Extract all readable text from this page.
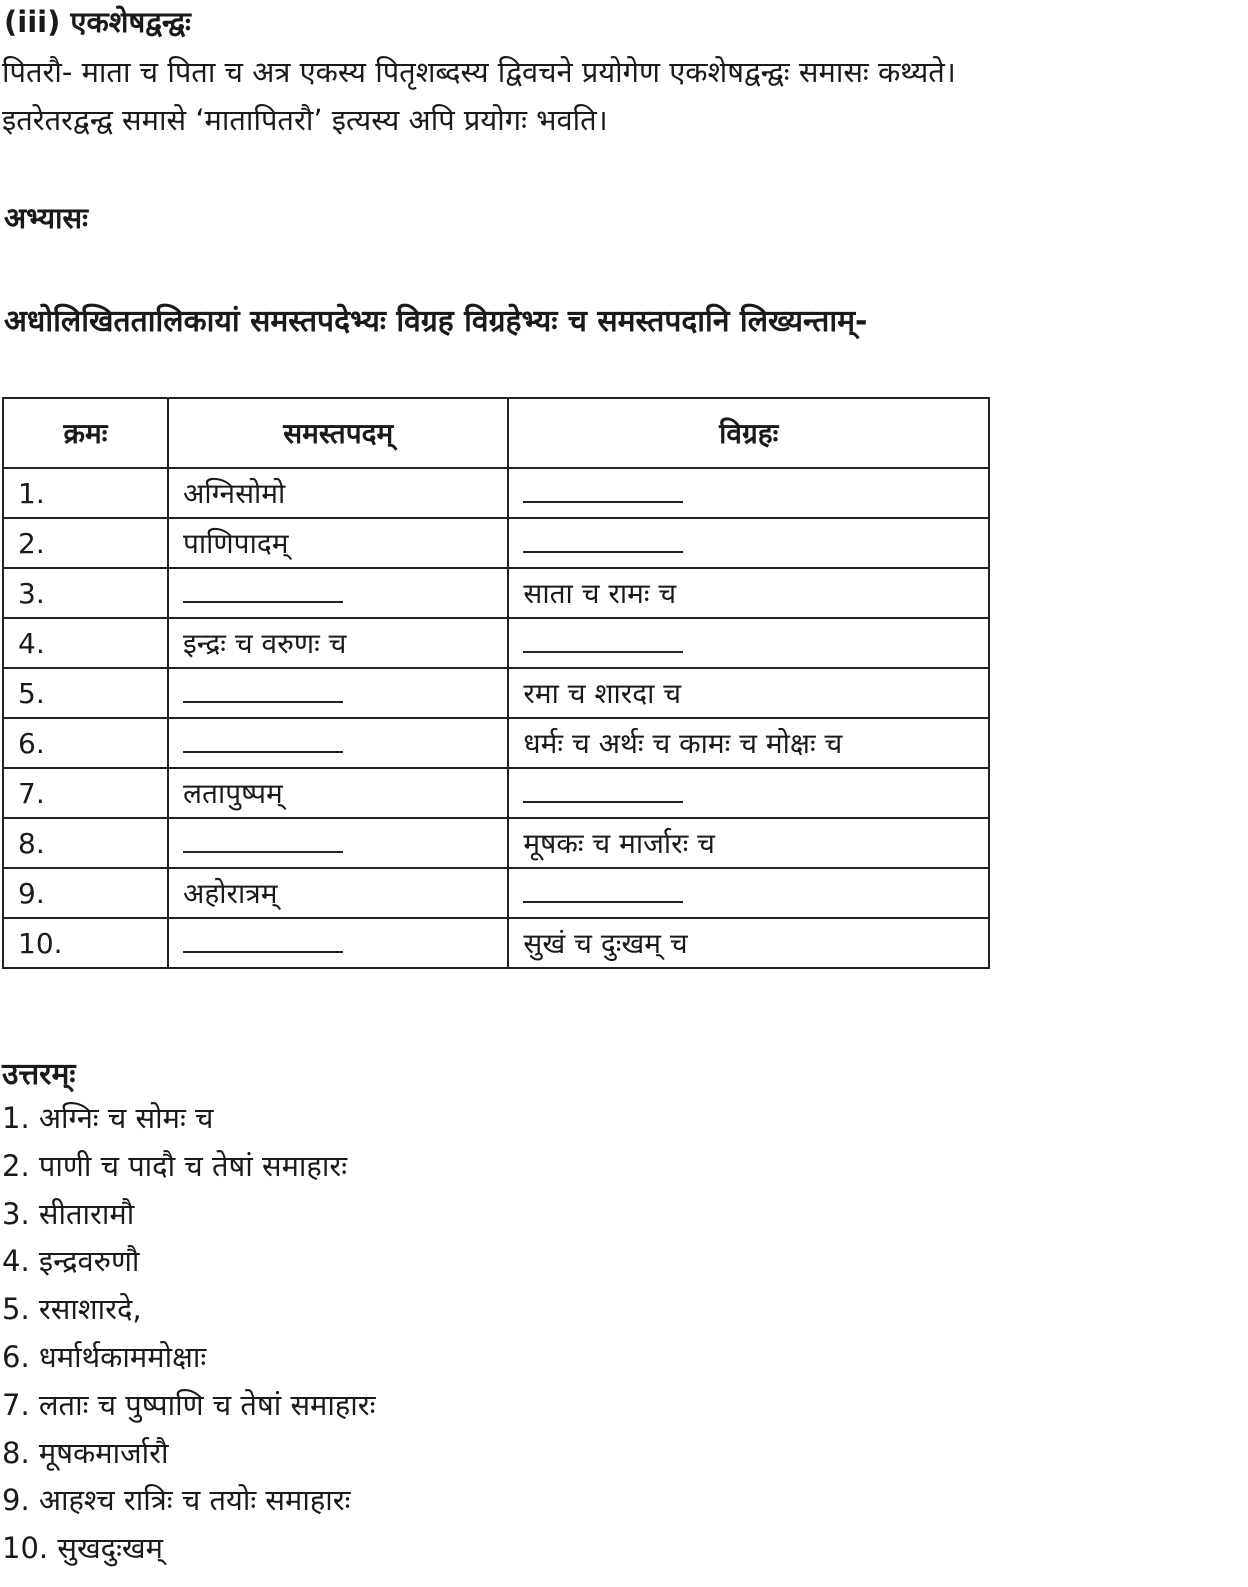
(iii) एकशेषद्वन्द्वः
पितरौ- माता च पिता च अत्र एकस्य पितृशब्दस्य द्विवचने प्रयोगेण एकशेषद्वन्द्वः समासः कथ्यते।
इतरेतरद्वन्द्व समासे ‘मातापितरौ’ इत्यस्य अपि प्रयोगः भवति।
अभ्यासः
अधोलिखिततालिकायां समस्तपदेभ्यः विग्रह विग्रहेभ्यः च समस्तपदानि लिख्यन्ताम्-
क्रमः	समस्तपदम्	विग्रहः
1.	अग्निसोमो	
2.	पाणिपादम्	
3.		साता च रामः च
4.	इन्द्रः च वरुणः च	
5.		रमा च शारदा च
6.		धर्मः च अर्थः च कामः च मोक्षः च
7.	लतापुष्पम्	
8.		मूषकः च मार्जारः च
9.	अहोरात्रम्	
10.		सुखं च दुःखम् च
उत्तरम्ः
1. अग्निः च सोमः च
2. पाणी च पादौ च तेषां समाहारः
3. सीतारामौ
4. इन्द्रवरुणौ
5. रसाशारदे,
6. धर्मार्थकाममोक्षाः
7. लताः च पुष्पाणि च तेषां समाहारः
8. मूषकमार्जारौ
9. आहश्च रात्रिः च तयोः समाहारः
10. सुखदुःखम्
